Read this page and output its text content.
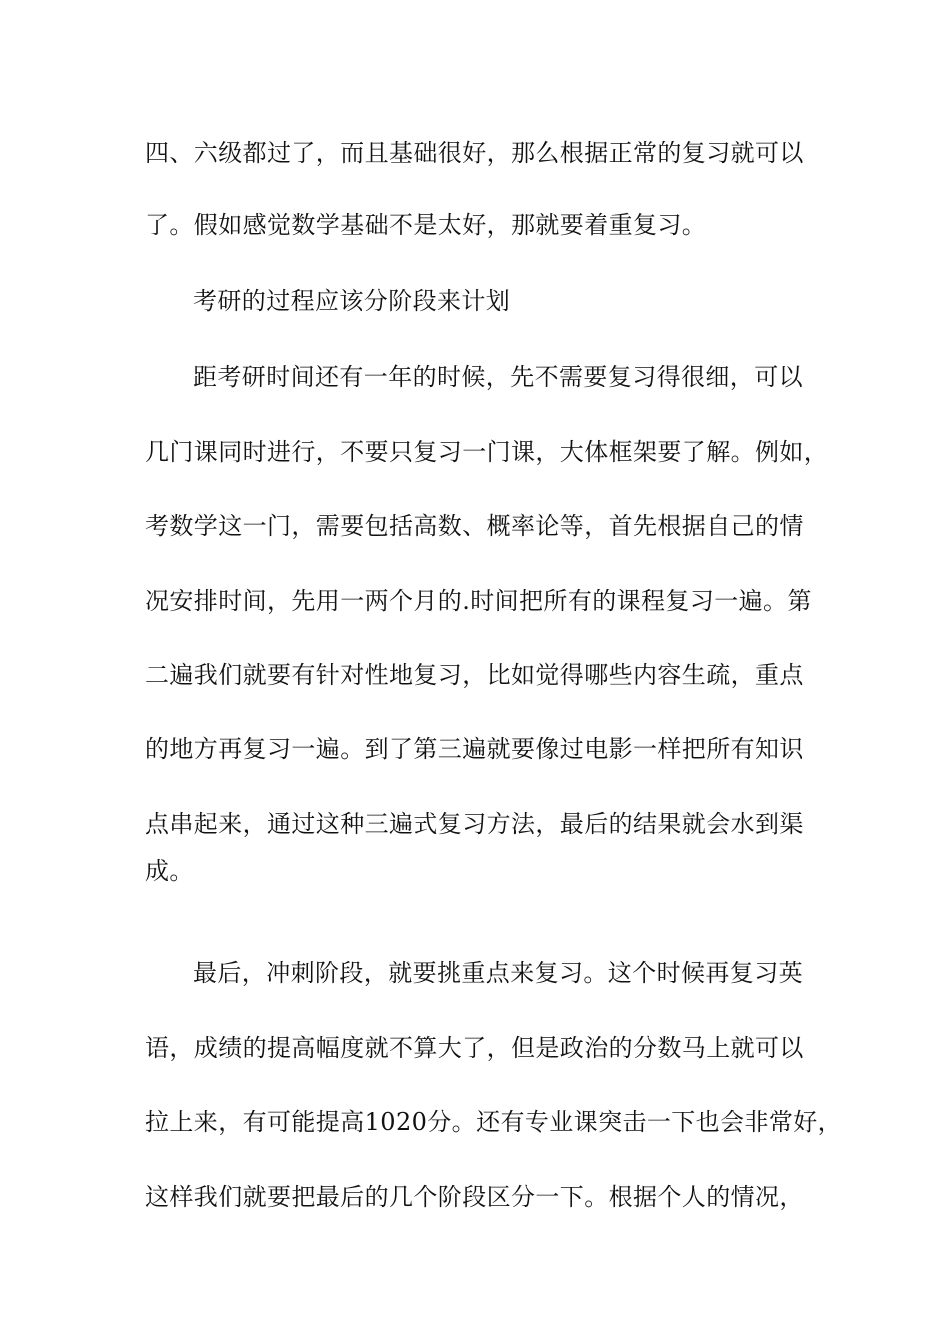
四、六级都过了，而且基础很好，那么根据正常的复习就可以
了。假如感觉数学基础不是太好，那就要着重复习。
考研的过程应该分阶段来计划
距考研时间还有一年的时候，先不需要复习得很细，可以
几门课同时进行，不要只复习一门课，大体框架要了解。例如，
考数学这一门，需要包括高数、概率论等，首先根据自己的情
况安排时间，先用一两个月的.时间把所有的课程复习一遍。第
二遍我们就要有针对性地复习，比如觉得哪些内容生疏，重点
的地方再复习一遍。到了第三遍就要像过电影一样把所有知识
点串起来，通过这种三遍式复习方法，最后的结果就会水到渠
成。
最后，冲刺阶段，就要挑重点来复习。这个时候再复习英
语，成绩的提高幅度就不算大了，但是政治的分数马上就可以
拉上来，有可能提高1020分。还有专业课突击一下也会非常好，
这样我们就要把最后的几个阶段区分一下。根据个人的情况，
